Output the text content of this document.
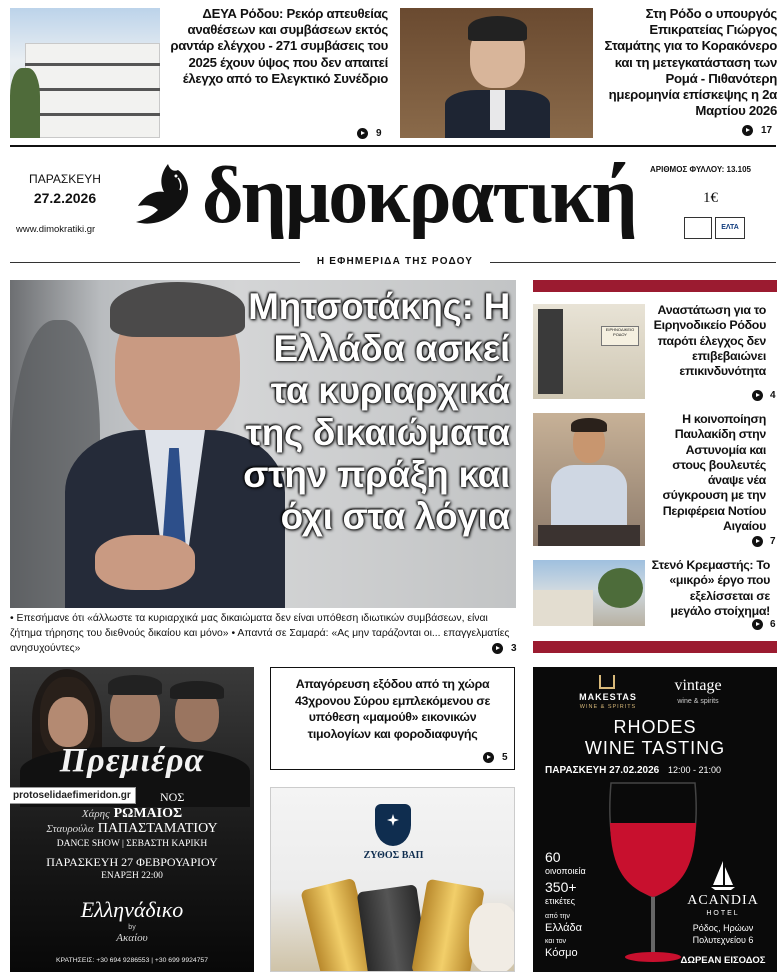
ΔΕΥΑ Ρόδου: Ρεκόρ απευθείας αναθέσεων και συμβάσεων εκτός ραντάρ ελέγχου - 271 συμβάσεις του 2025 έχουν ύψος που δεν απαιτεί έλεγχο από το Ελεγκτικό Συνέδριο
9
Στη Ρόδο ο υπουργός Επικρατείας Γιώργος Σταμάτης για το Κορακόνερο και τη μετεγκατάσταση των Ρομά - Πιθανότερη ημερομηνία επίσκεψης η 2α Μαρτίου 2026
17
ΠΑΡΑΣΚΕΥΗ
27.2.2026
www.dimokratiki.gr δημοκρατική ΑΡΙΘΜΟΣ ΦΥΛΛΟΥ: 13.105
1€
ΕΛΤΑ
Η ΕΦΗΜΕΡΙΔΑ ΤΗΣ ΡΟΔΟΥ
Μητσοτάκης: Η Ελλάδα ασκεί τα κυριαρχικά της δικαιώματα στην πράξη και όχι στα λόγια
• Επεσήμανε ότι «άλλωστε τα κυριαρχικά μας δικαιώματα δεν είναι υπόθεση ιδιωτικών συμβάσεων, είναι ζήτημα τήρησης του διεθνούς δικαίου και μόνο» • Απαντά σε Σαμαρά: «Ας μην ταράζονται οι... επαγγελματίες ανησυχούντες»	3
ΕΙΡΗΝΟΔΙΚΕΙΟ ΡΟΔΟΥ
Αναστάτωση για το Ειρηνοδικείο Ρόδου παρότι έλεγχος δεν επιβεβαιώνει επικινδυνότητα
4
Η κοινοποίηση Παυλακίδη στην Αστυνομία και στους βουλευτές άναψε νέα σύγκρουση με την Περιφέρεια Νοτίου Αιγαίου
7
Στενό Κρεμαστής: Το «μικρό» έργο που εξελίσσεται σε μεγάλο στοίχημα!
6
Απαγόρευση εξόδου από τη χώρα 43χρονου Σύρου εμπλεκόμενου σε υπόθεση «μαμούθ» εικονικών τιμολογίων και φοροδιαφυγής
5
Πρεμιέρα
protoselidaefimeridon.gr	ΝΟΣ
Χάρης ΡΩΜΑΙΟΣ
Σταυρούλα ΠΑΠΑΣΤΑΜΑΤΙΟΥ
DANCE SHOW | ΣΕΒΑΣΤΗ ΚΑΡΙΚΗ
ΠΑΡΑΣΚΕΥΗ 27 ΦΕΒΡΟΥΑΡΙΟΥ
ΕΝΑΡΞΗ 22:00
Ελληνάδικο
by
Ακαίου
ΚΡΑΤΗΣΕΙΣ: +30 694 9286553 | +30 699 9924757
ΖΥΘΟΣ ΒΑΠ
MAKESTAS
WINE & SPIRITS
vintage
wine & spirits
RHODES
WINE TASTING
ΠΑΡΑΣΚΕΥΗ 27.02.2026 12:00 - 21:00
60
οινοποιεία
350+
ετικέτες
από την
Ελλάδα
και τον
Κόσμο
ACANDIA
HOTEL
Ρόδος, Ηρώων
Πολυτεχνείου 6
ΔΩΡΕΑΝ ΕΙΣΟΔΟΣ
